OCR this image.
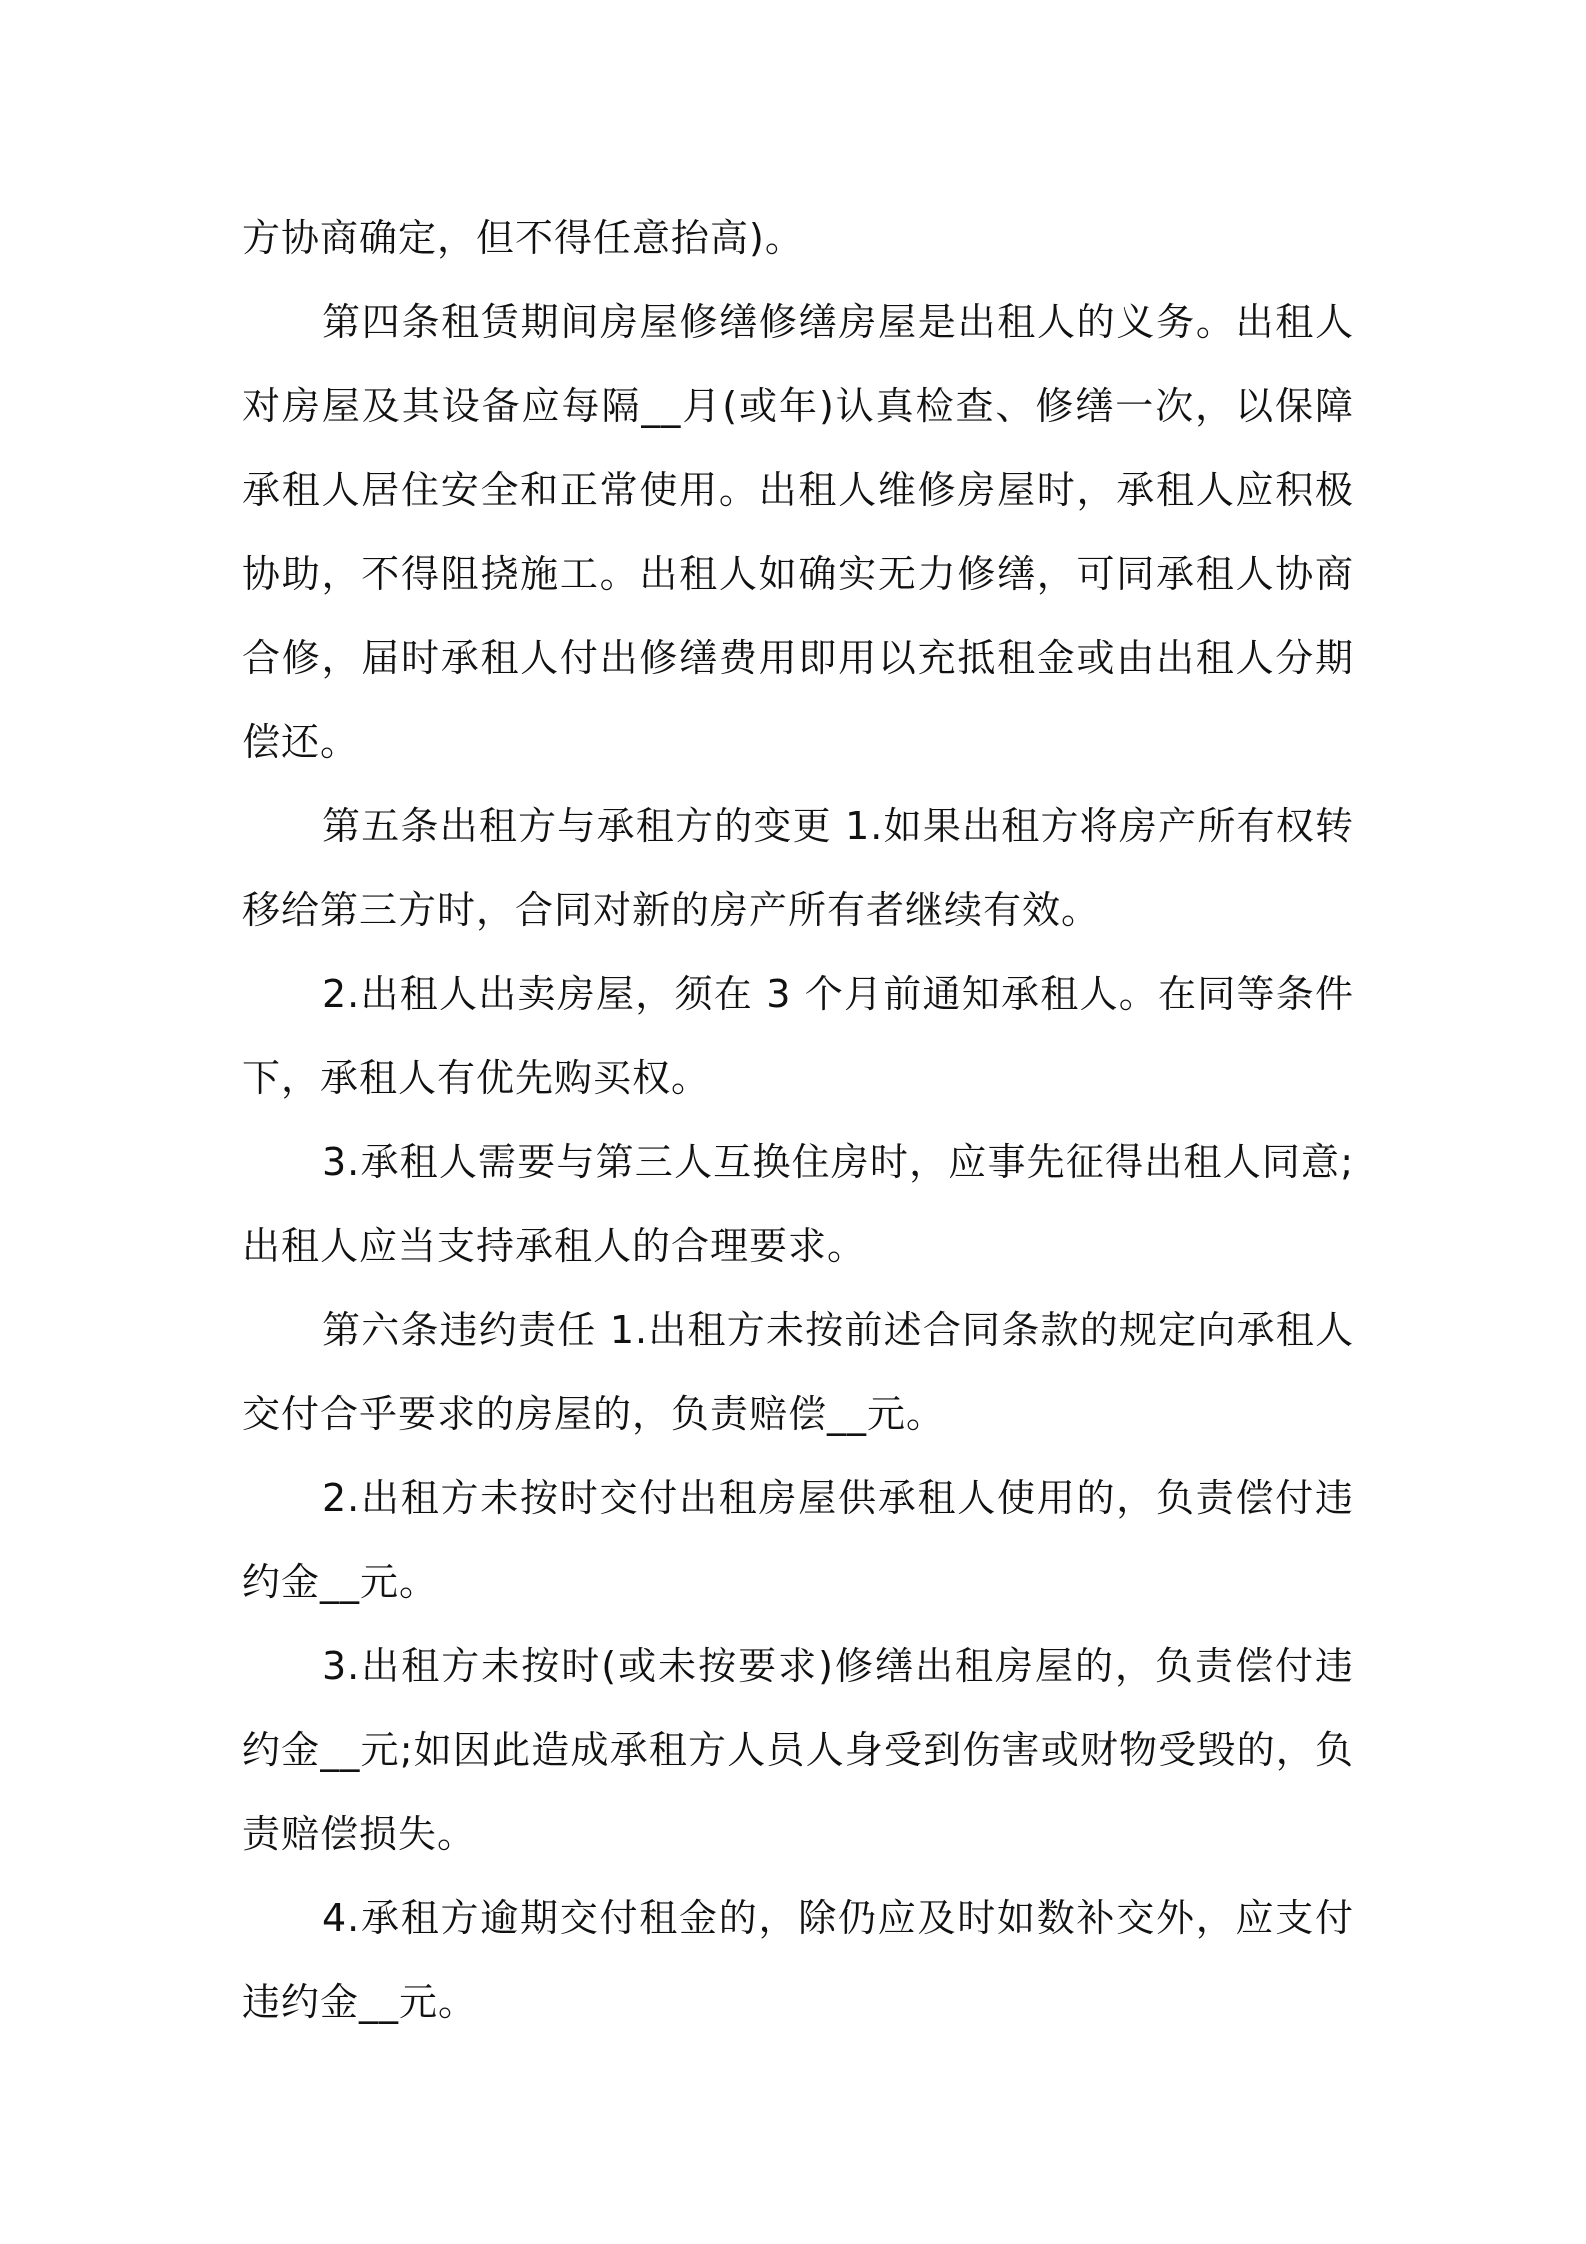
方协商确定，但不得任意抬高)。

第四条租赁期间房屋修缮修缮房屋是出租人的义务。出租人对房屋及其设备应每隔__月(或年)认真检查、修缮一次，以保障承租人居住安全和正常使用。出租人维修房屋时，承租人应积极协助，不得阻挠施工。出租人如确实无力修缮，可同承租人协商合修，届时承租人付出修缮费用即用以充抵租金或由出租人分期偿还。

第五条出租方与承租方的变更 1.如果出租方将房产所有权转移给第三方时，合同对新的房产所有者继续有效。

2.出租人出卖房屋，须在 3 个月前通知承租人。在同等条件下，承租人有优先购买权。

3.承租人需要与第三人互换住房时，应事先征得出租人同意;出租人应当支持承租人的合理要求。

第六条违约责任 1.出租方未按前述合同条款的规定向承租人交付合乎要求的房屋的，负责赔偿__元。

2.出租方未按时交付出租房屋供承租人使用的，负责偿付违约金__元。

3.出租方未按时(或未按要求)修缮出租房屋的，负责偿付违约金__元;如因此造成承租方人员人身受到伤害或财物受毁的，负责赔偿损失。

4.承租方逾期交付租金的，除仍应及时如数补交外，应支付违约金__元。
